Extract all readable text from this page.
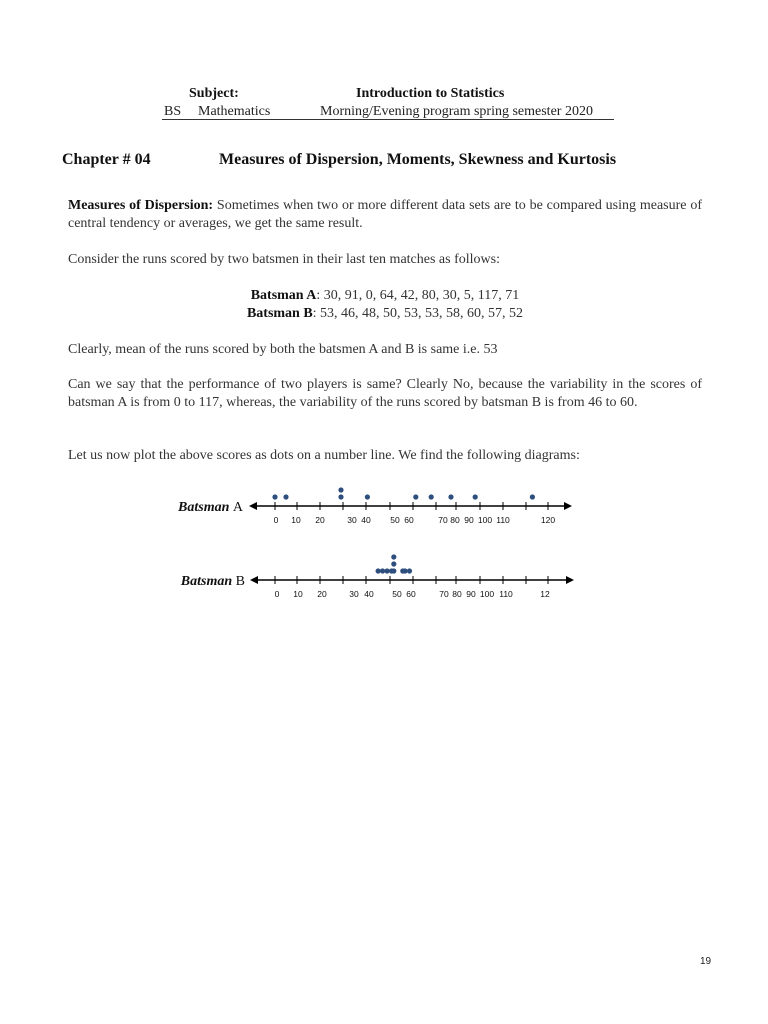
Subject:	Introduction to Statistics
BS Mathematics	Morning/Evening program spring semester 2020
Chapter # 04	Measures of Dispersion, Moments, Skewness and Kurtosis
Measures of Dispersion: Sometimes when two or more different data sets are to be compared using measure of central tendency or averages, we get the same result.
Consider the runs scored by two batsmen in their last ten matches as follows:
Batsman A: 30, 91, 0, 64, 42, 80, 30, 5, 117, 71
Batsman B: 53, 46, 48, 50, 53, 53, 58, 60, 57, 52
Clearly, mean of the runs scored by both the batsmen A and B is same i.e. 53
Can we say that the performance of two players is same? Clearly No, because the variability in the scores of batsman A is from 0 to 117, whereas, the variability of the runs scored by batsman B is from 46 to 60.
Let us now plot the above scores as dots on a number line. We find the following diagrams:
Batsman A
0 10 20	30 40 50 60	70 80 90 100 110	120
Batsman B
0 10 20	30 40 50 60	70 80 90 100 110	12
19
